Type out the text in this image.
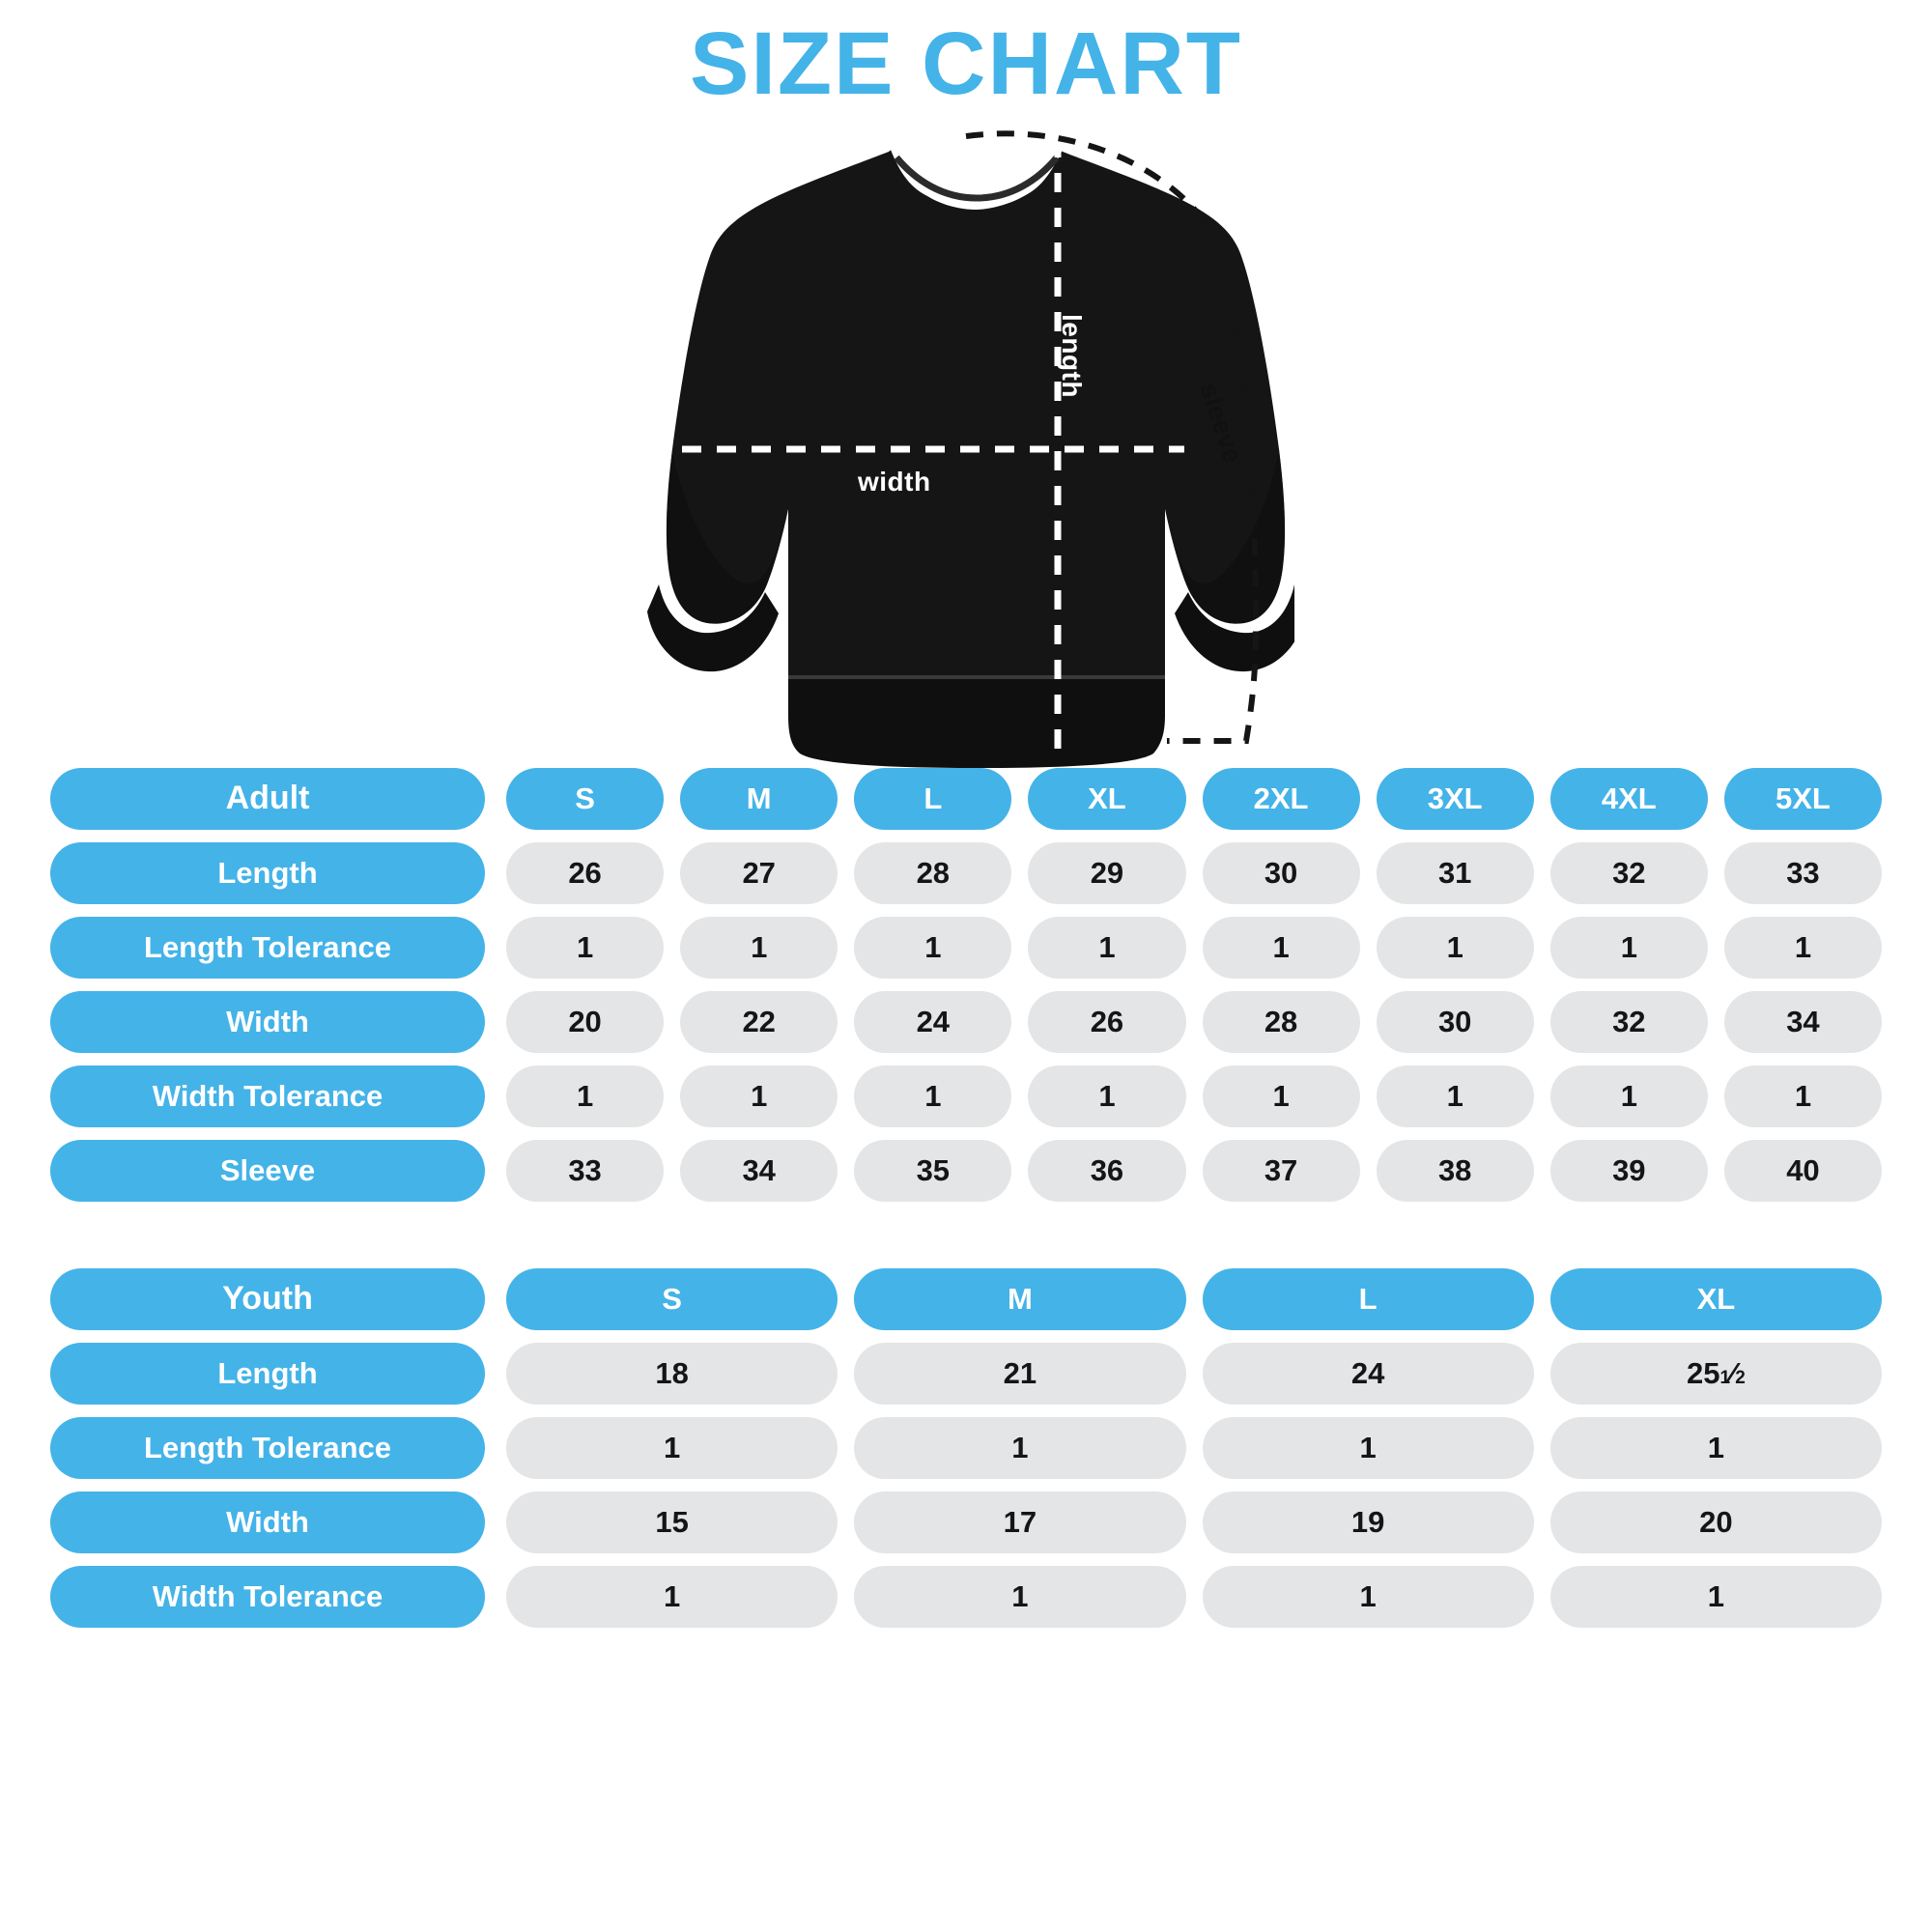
SIZE CHART
width
length
sleeve
Adult	S	M	L	XL	2XL	3XL	4XL	5XL
Length	26	27	28	29	30	31	32	33
Length Tolerance	1	1	1	1	1	1	1	1
Width	20	22	24	26	28	30	32	34
Width Tolerance	1	1	1	1	1	1	1	1
Sleeve	33	34	35	36	37	38	39	40
Youth	S	M	L	XL
Length	18	21	24	25 1 ⁄ 2
Length Tolerance	1	1	1	1
Width	15	17	19	20
Width Tolerance	1	1	1	1
